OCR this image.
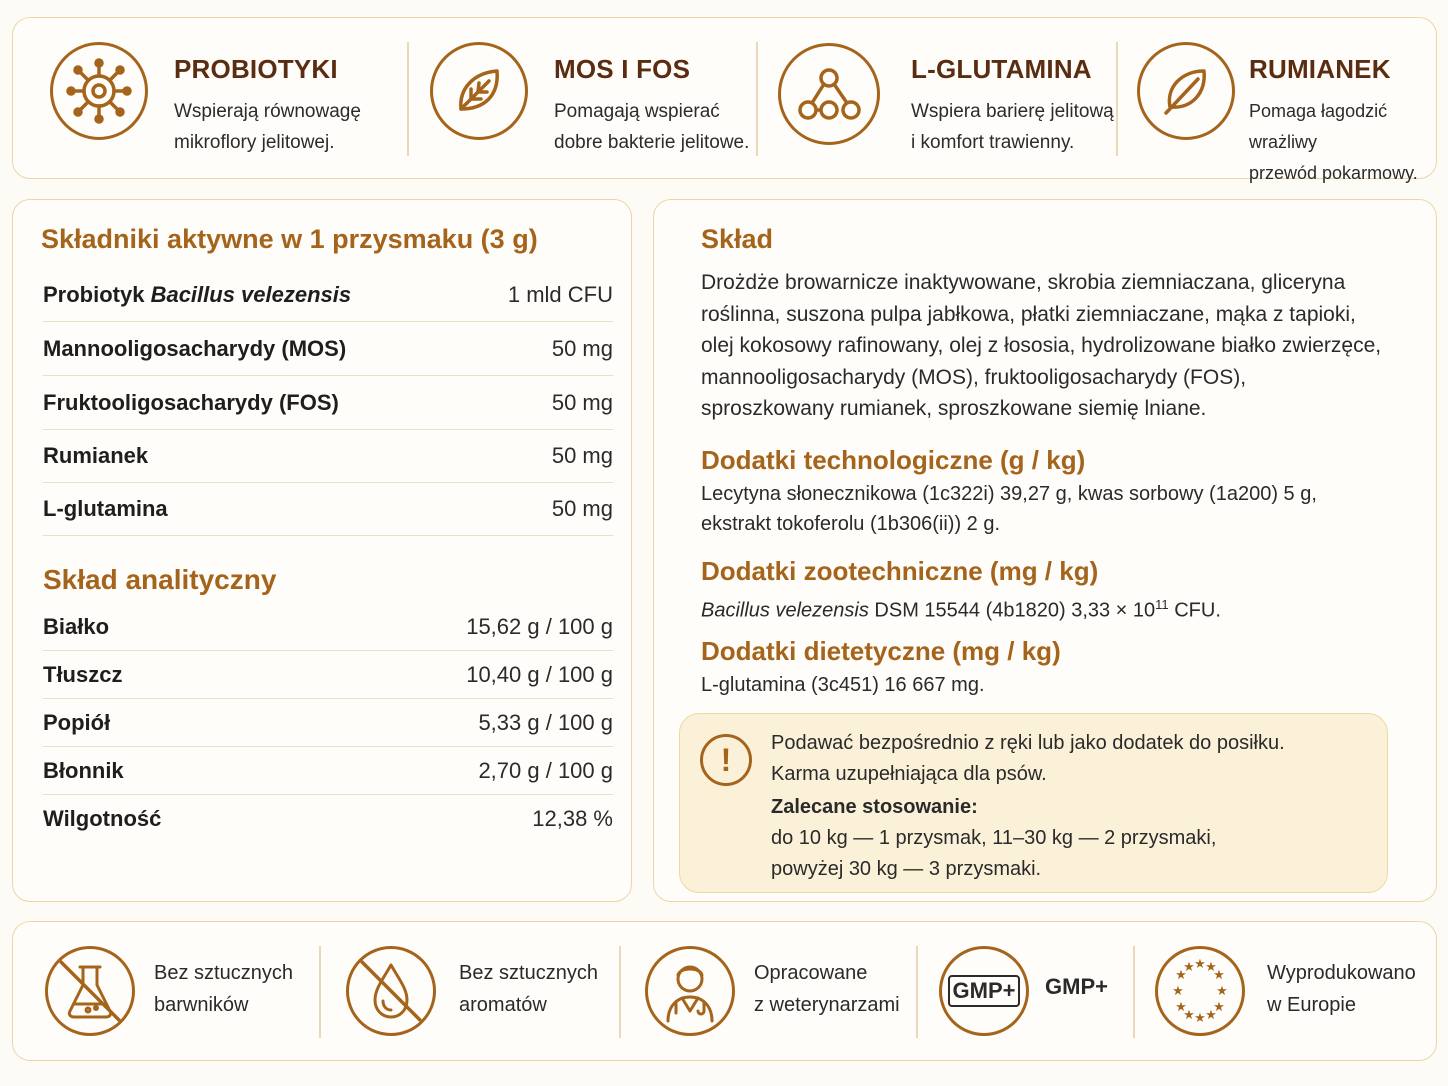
PROBIOTYKI
Wspierają równowagę
mikroflory jelitowej.
MOS I FOS
Pomagają wspierać
dobre bakterie jelitowe.
L-GLUTAMINA
Wspiera barierę jelitową
i komfort trawienny.
RUMIANEK
Pomaga łagodzić wrażliwy
przewód pokarmowy.
Składniki aktywne w 1 przysmaku (3 g)
Probiotyk Bacillus velezensis	1 mld CFU
Mannooligosacharydy (MOS)	50 mg
Fruktooligosacharydy (FOS)	50 mg
Rumianek	50 mg
L-glutamina	50 mg
Skład analityczny
Białko	15,62 g / 100 g
Tłuszcz	10,40 g / 100 g
Popiół	5,33 g / 100 g
Błonnik	2,70 g / 100 g
Wilgotność	12,38 %
Skład
Drożdże browarnicze inaktywowane, skrobia ziemniaczana, gliceryna
roślinna, suszona pulpa jabłkowa, płatki ziemniaczane, mąka z tapioki,
olej kokosowy rafinowany, olej z łososia, hydrolizowane białko zwierzęce,
mannooligosacharydy (MOS), fruktooligosacharydy (FOS),
sproszkowany rumianek, sproszkowane siemię lniane.
Dodatki technologiczne (g / kg)
Lecytyna słonecznikowa (1c322i) 39,27 g, kwas sorbowy (1a200) 5 g,
ekstrakt tokoferolu (1b306(ii)) 2 g.
Dodatki zootechniczne (mg / kg)
Bacillus velezensis DSM 15544 (4b1820) $3,33 \times 10^{11}$ CFU.
Dodatki dietetyczne (mg / kg)
L-glutamina (3c451) 16 667 mg.
!	Podawać bezpośrednio z ręki lub jako dodatek do posiłku.
Karma uzupełniająca dla psów.
Zalecane stosowanie:
do 10 kg — 1 przysmak, 11–30 kg — 2 przysmaki,
powyżej 30 kg — 3 przysmaki.
Bez sztucznych
barwników
Bez sztucznych
aromatów
Opracowane
z weterynarzami
GMP+ GMP+
★ ★
★
★
★
★
★
★
★
★
★
★	Wyprodukowano
w Europie
